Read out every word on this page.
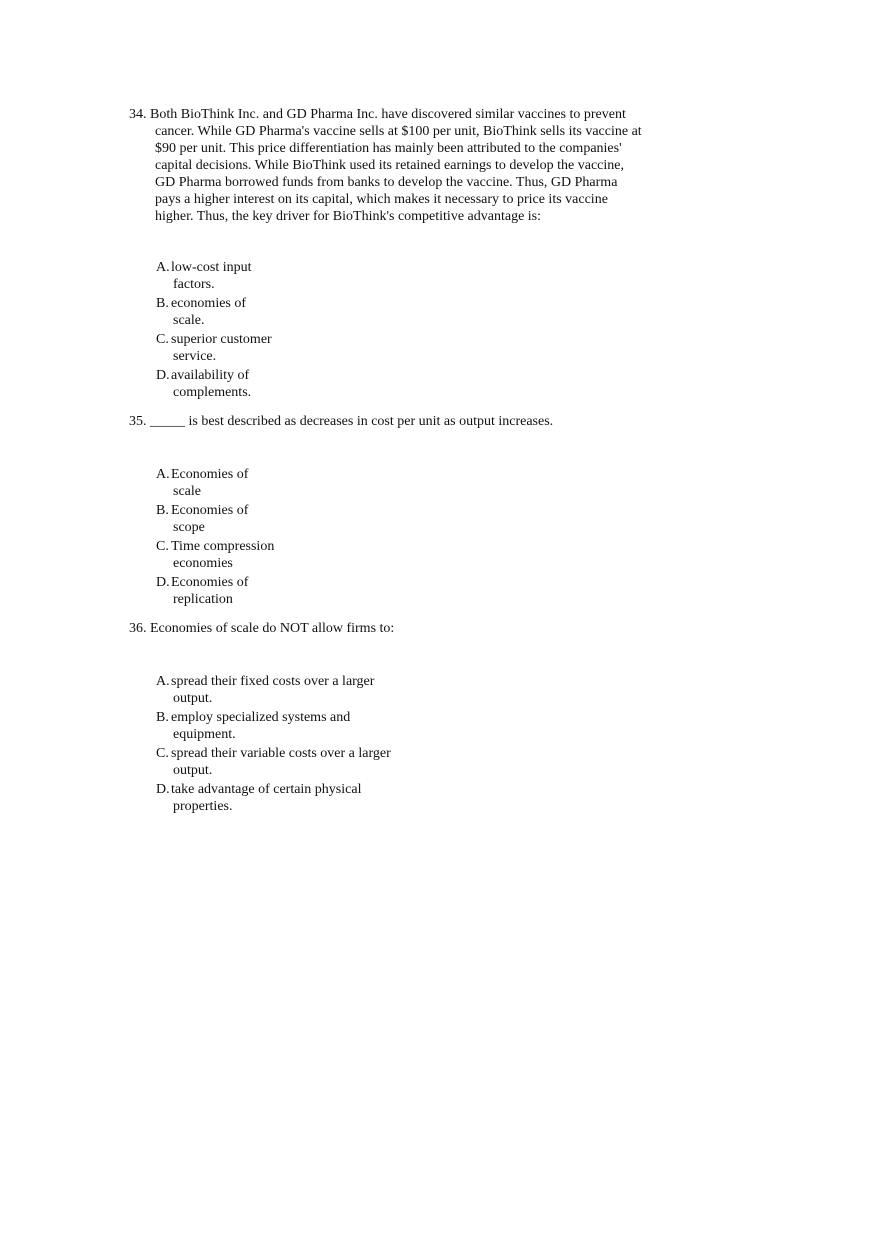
34. Both BioThink Inc. and GD Pharma Inc. have discovered similar vaccines to prevent
cancer. While GD Pharma's vaccine sells at $100 per unit, BioThink sells its vaccine at
$90 per unit. This price differentiation has mainly been attributed to the companies'
capital decisions. While BioThink used its retained earnings to develop the vaccine,
GD Pharma borrowed funds from banks to develop the vaccine. Thus, GD Pharma
pays a higher interest on its capital, which makes it necessary to price its vaccine
higher. Thus, the key driver for BioThink's competitive advantage is:
A. low-cost input
factors.
B. economies of
scale.
C. superior customer
service.
D. availability of
complements.
35. _____ is best described as decreases in cost per unit as output increases.
A. Economies of
scale
B. Economies of
scope
C. Time compression
economies
D. Economies of
replication
36. Economies of scale do NOT allow firms to:
A. spread their fixed costs over a larger
output.
B. employ specialized systems and
equipment.
C. spread their variable costs over a larger
output.
D. take advantage of certain physical
properties.
